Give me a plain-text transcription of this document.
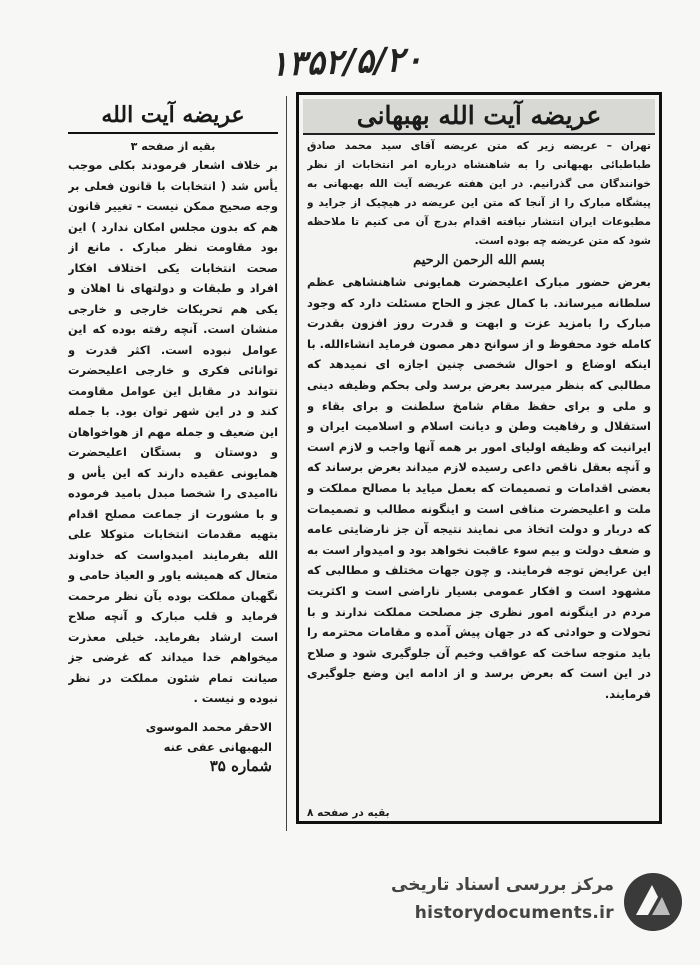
۱۳۵۲/۵/۲۰
عریضه آیت الله بهبهانی
تهران – عریضه زیر که متن عریضه آقای سید محمد صادق طباطبائی بهبهانی را به شاهنشاه درباره امر انتخابات از نظر خوانندگان می گذرانیم. در این هفته عریضه آیت الله بهبهانی به پیشگاه مبارک را از آنجا که متن این عریضه در هیچیک از جراید و مطبوعات ایران انتشار نیافته اقدام بدرج آن می کنیم تا ملاحظه شود که متن عریضه چه بوده است.
بسم الله الرحمن الرحیم
بعرض حضور مبارک اعلیحضرت همایونی شاهنشاهی عظم سلطانه میرساند. با کمال عجز و الحاح مسئلت دارد که وجود مبارک را بامزید عزت و ابهت و قدرت روز افزون بقدرت کامله خود محفوظ و از سوانح دهر مصون فرماید انشاءالله. با اینکه اوضاع و احوال شخصی چنین اجازه ای نمیدهد که مطالبی که بنظر میرسد بعرض برسد ولی بحکم وظیفه دینی و ملی و برای حفظ مقام شامخ سلطنت و برای بقاء و استقلال و رفاهیت وطن و دیانت اسلام و اسلامیت ایران و ایرانیت که وظیفه اولیای امور بر همه آنها واجب و لازم است و آنچه بعقل ناقص داعی رسیده لازم میداند بعرض برساند که بعضی اقدامات و تصمیمات که بعمل میاید با مصالح مملکت و ملت و اعلیحضرت منافی است و اینگونه مطالب و تصمیمات که دربار و دولت اتخاذ می نمایند نتیجه آن جز نارضایتی عامه و ضعف دولت و بیم سوء عاقبت نخواهد بود و امیدوار است به این عرایض توجه فرمایند. و چون جهات مختلف و مطالبی که مشهود است و افکار عمومی بسیار ناراضی است و اکثریت مردم در اینگونه امور نظری جز مصلحت مملکت ندارند و با تحولات و حوادثی که در جهان پیش آمده و مقامات محترمه را باید متوجه ساخت که عواقب وخیم آن جلوگیری شود و صلاح در این است که بعرض برسد و از ادامه این وضع جلوگیری فرمایند.
بقیه در صفحه ۸
عریضه آیت الله
بقیه از صفحه ۳
بر خلاف اشعار فرمودند بکلی موجب یأس شد ( انتخابات با قانون فعلی بر وجه صحیح ممکن نیست - تغییر قانون هم که بدون مجلس امکان ندارد ) این بود مقاومت نظر مبارک . مانع از صحت انتخابات یکی اختلاف افکار افراد و طبقات و دولتهای نا اهلان و یکی هم تحریکات خارجی و خارجی منشان است. آنچه رفته بوده که این عوامل نبوده است. اکثر قدرت و توانائی فکری و خارجی اعلیحضرت نتواند در مقابل این عوامل مقاومت کند و در این شهر توان بود. با جمله این ضعیف و جمله مهم از هواخواهان و دوستان و بستگان اعلیحضرت همایونی عقیده دارند که این یأس و ناامیدی را شخصا مبدل بامید فرموده و با مشورت از جماعت مصلح اقدام بتهیه مقدمات انتخابات متوکلا علی الله بفرمایند امیدواست که خداوند متعال که همیشه یاور و العیاذ حامی و نگهبان مملکت بوده بآن نظر مرحمت فرماید و قلب مبارک و آنچه صلاح است ارشاد بفرماید. خیلی معذرت میخواهم خدا میداند که غرضی جز صیانت تمام شئون مملکت در نظر نبوده و نیست .
الاحقر محمد الموسوی
البهبهانی عفی عنه
شماره ۳۵
مرکز بررسی اسناد تاریخی
historydocuments.ir
